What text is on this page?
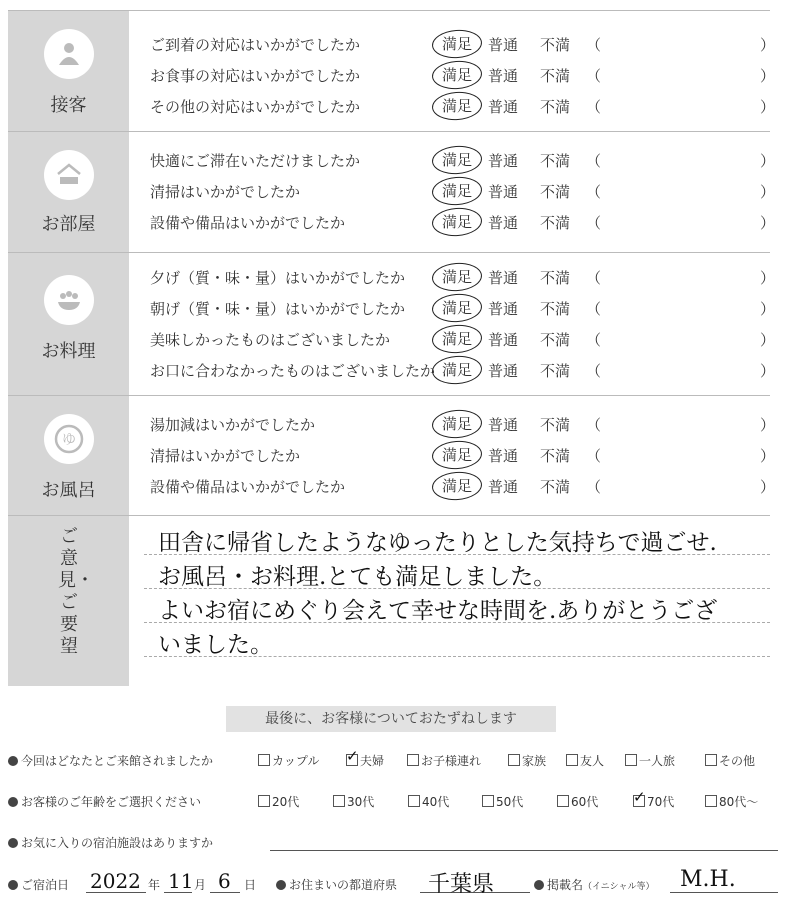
接客
ご到着の対応はいかがでしたか	満足	普通 不満 （	）
お食事の対応はいかがでしたか	満足	普通 不満 （	）
その他の対応はいかがでしたか	満足	普通 不満 （	）
お部屋
快適にご滞在いただけましたか	満足	普通 不満 （	）
清掃はいかがでしたか	満足	普通 不満 （	）
設備や備品はいかがでしたか	満足	普通 不満 （	）
お料理
夕げ（質・味・量）はいかがでしたか	満足	普通 不満 （	）
朝げ（質・味・量）はいかがでしたか	満足	普通 不満 （	）
美味しかったものはございましたか	満足	普通 不満 （	）
お口に合わなかったものはございましたか 満足	普通 不満 （	）
ゆ
お風呂
湯加減はいかがでしたか	満足	普通 不満 （	）
清掃はいかがでしたか	満足	普通 不満 （	）
設備や備品はいかがでしたか	満足	普通 不満 （	）
ご意見・ご要望
田舎に帰省したようなゆったりとした気持ちで過ごせ.
お風呂・お料理.とても満足しました。
よいお宿にめぐり会えて幸せな時間を.ありがとうござ
いました。
最後に、お客様についておたずねします
今回はどなたとご来館されましたか	カップル ✓ 夫婦	お子様連れ	家族	友人	一人旅	その他
お客様のご年齢をご選択ください	20代	30代	40代	50代	60代 ✓ 70代	80代〜
お気に入りの宿泊施設はありますか
ご宿泊日 2022 年 11 月 6 日	お住まいの都道府県 千葉県	掲載名（イニシャル等） M.H.
